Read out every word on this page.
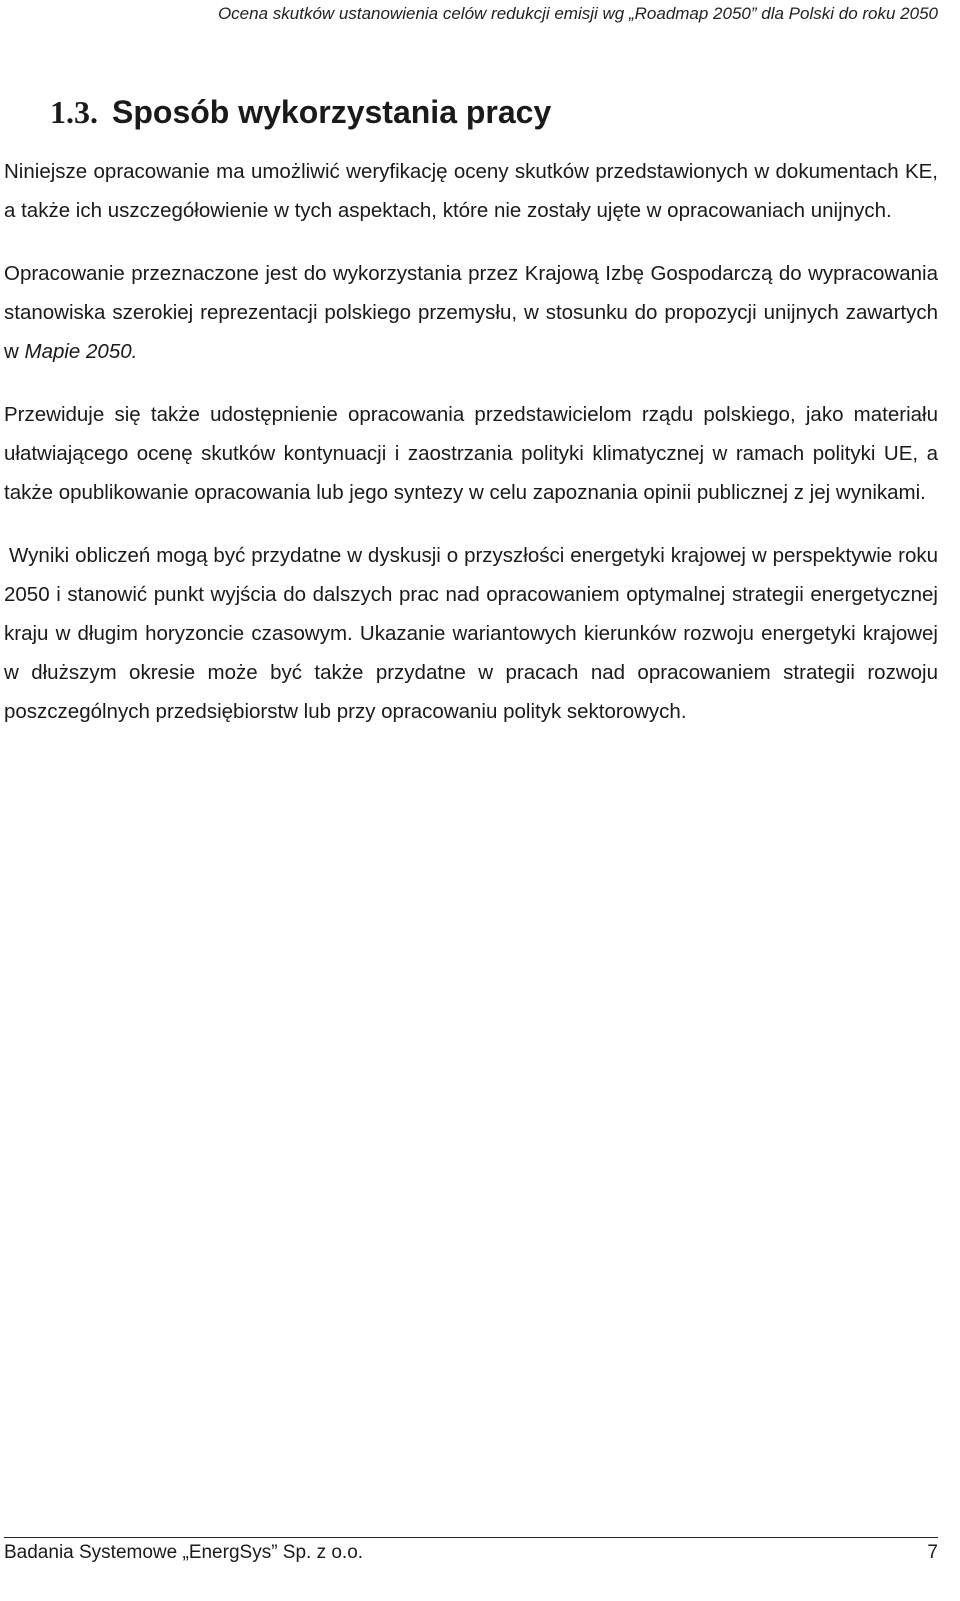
Ocena skutków ustanowienia celów redukcji emisji wg „Roadmap 2050” dla Polski do roku 2050
1.3. Sposób wykorzystania pracy

Niniejsze opracowanie ma umożliwić weryfikację oceny skutków przedstawionych w dokumentach KE, a także ich uszczegółowienie w tych aspektach, które nie zostały ujęte w opracowaniach unijnych.

Opracowanie przeznaczone jest do wykorzystania przez Krajową Izbę Gospodarczą do wypracowania stanowiska szerokiej reprezentacji polskiego przemysłu, w stosunku do propozycji unijnych zawartych w Mapie 2050.

Przewiduje się także udostępnienie opracowania przedstawicielom rządu polskiego, jako materiału ułatwiającego ocenę skutków kontynuacji i zaostrzania polityki klimatycznej w ramach polityki UE, a także opublikowanie opracowania lub jego syntezy w celu zapoznania opinii publicznej z jej wynikami.

Wyniki obliczeń mogą być przydatne w dyskusji o przyszłości energetyki krajowej w perspektywie roku 2050 i stanowić punkt wyjścia do dalszych prac nad opracowaniem optymalnej strategii energetycznej kraju w długim horyzoncie czasowym. Ukazanie wariantowych kierunków rozwoju energetyki krajowej w dłuższym okresie może być także przydatne w pracach nad opracowaniem strategii rozwoju poszczególnych przedsiębiorstw lub przy opracowaniu polityk sektorowych.

Badania Systemowe „EnergSys” Sp. z o.o.	7
